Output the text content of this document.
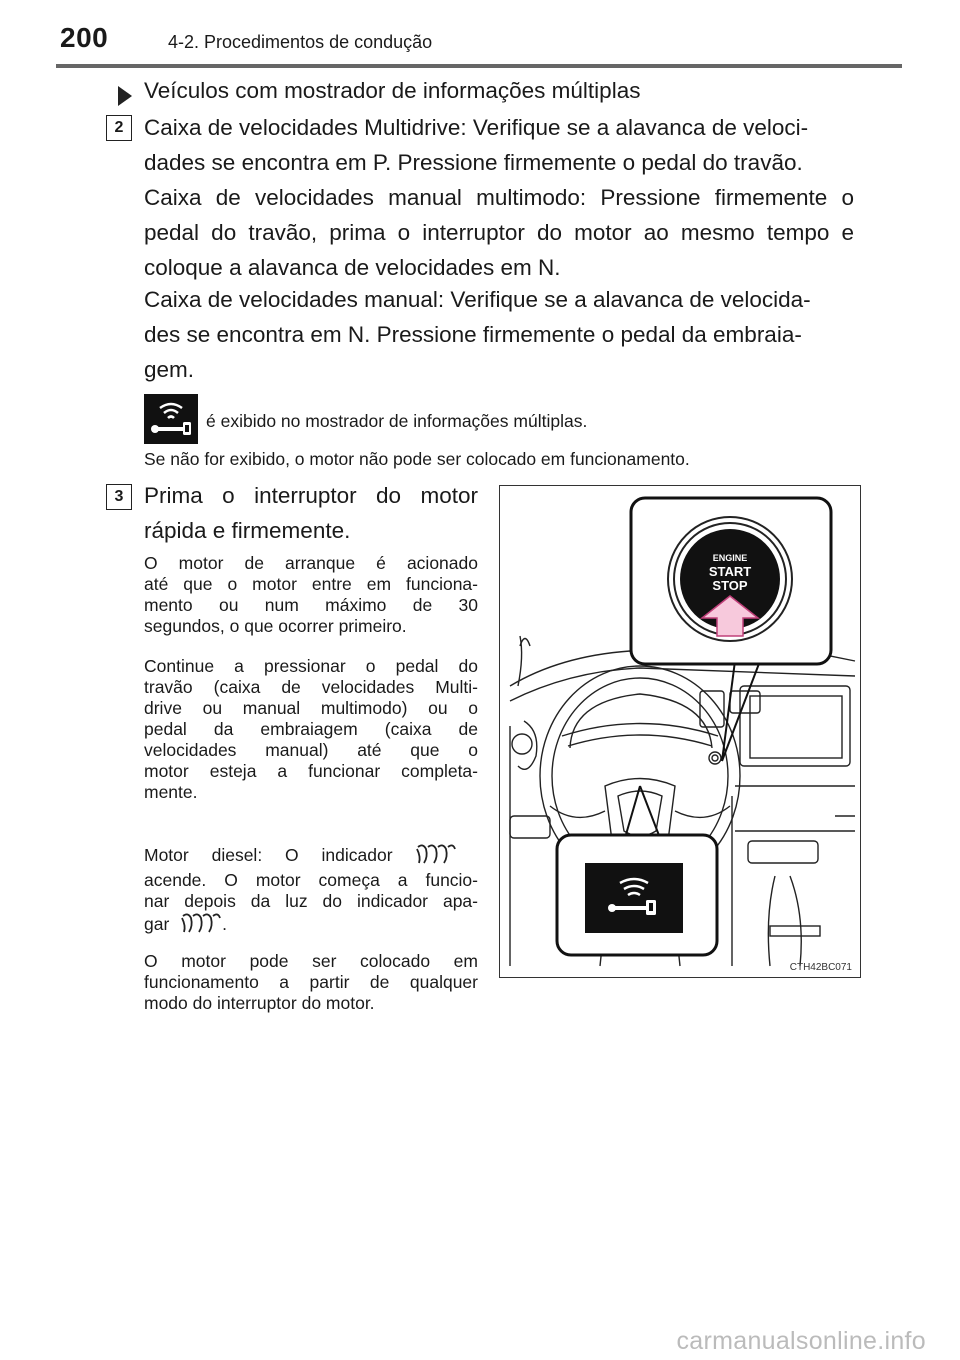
200	4-2. Procedimentos de condução
Veículos com mostrador de informações múltiplas
2 Caixa de velocidades Multidrive: Verifique se a alavanca de veloci-
dades se encontra em P. Pressione firmemente o pedal do travão.
Caixa de velocidades manual multimodo: Pressione firmemente o
pedal do travão, prima o interruptor do motor ao mesmo tempo e
coloque a alavanca de velocidades em N.
Caixa de velocidades manual: Verifique se a alavanca de velocida-
des se encontra em N. Pressione firmemente o pedal da embraia-
gem.
é exibido no mostrador de informações múltiplas.
Se não for exibido, o motor não pode ser colocado em funcionamento.
3 Prima o interruptor do motor
rápida e firmemente.
O motor de arranque é acionado
até que o motor entre em funciona-
mento ou num máximo de 30
segundos, o que ocorrer primeiro.
Continue a pressionar o pedal do
travão (caixa de velocidades Multi-
drive ou manual multimodo) ou o
pedal da embraiagem (caixa de
velocidades manual) até que o
motor esteja a funcionar completa-
mente.
Motor diesel: O indicador
acende. O motor começa a funcio-
nar depois da luz do indicador apa-
gar	.
O motor pode ser colocado em
funcionamento a partir de qualquer
modo do interruptor do motor.
ENGINE
START
STOP
CTH42BC071
carmanualsonline.info
